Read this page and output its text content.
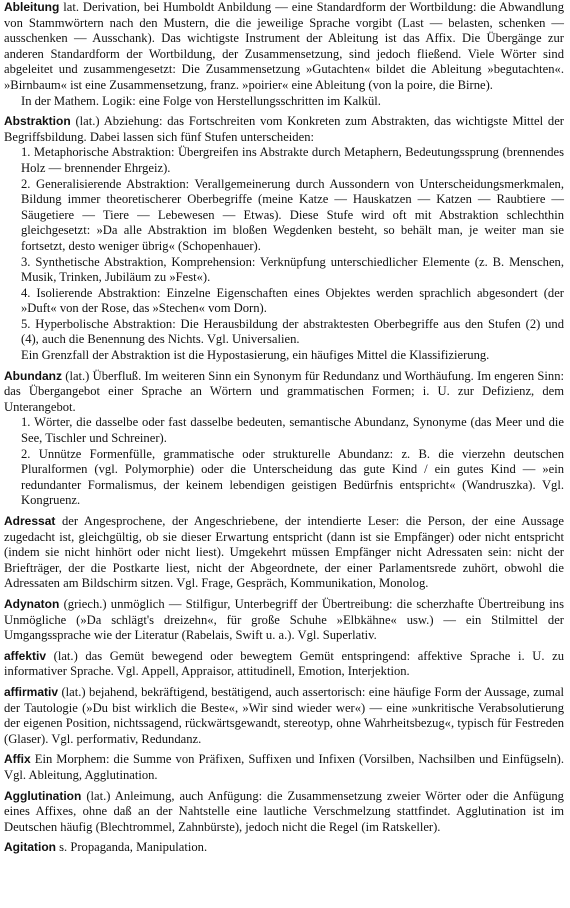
Ableitung lat. Derivation, bei Humboldt Anbildung — eine Standardform der Wortbildung: die Abwandlung von Stammwörtern nach den Mustern, die die jeweilige Sprache vorgibt (Last — belasten, schenken — ausschenken — Ausschank). Das wichtigste Instrument der Ableitung ist das Affix. Die Übergänge zur anderen Standardform der Wortbildung, der Zusammensetzung, sind jedoch fließend. Viele Wörter sind abgeleitet und zusammengesetzt: Die Zusammensetzung »Gutachten« bildet die Ableitung »begutachten«. »Birnbaum« ist eine Zusammensetzung, franz. »poirier« eine Ableitung (von la poire, die Birne).

In der Mathem. Logik: eine Folge von Herstellungsschritten im Kalkül.

Abstraktion (lat.) Abziehung: das Fortschreiten vom Konkreten zum Abstrakten, das wichtigste Mittel der Begriffsbildung. Dabei lassen sich fünf Stufen unterscheiden:

1. Metaphorische Abstraktion: Übergreifen ins Abstrakte durch Metaphern, Bedeutungssprung (brennendes Holz — brennender Ehrgeiz).

2. Generalisierende Abstraktion: Verallgemeinerung durch Aussondern von Unterscheidungsmerkmalen, Bildung immer theoretischerer Oberbegriffe (meine Katze — Hauskatzen — Katzen — Raubtiere — Säugetiere — Tiere — Lebewesen — Etwas). Diese Stufe wird oft mit Abstraktion schlechthin gleichgesetzt: »Da alle Abstraktion im bloßen Wegdenken besteht, so behält man, je weiter man sie fortsetzt, desto weniger übrig« (Schopenhauer).

3. Synthetische Abstraktion, Komprehension: Verknüpfung unterschiedlicher Elemente (z. B. Menschen, Musik, Trinken, Jubiläum zu »Fest«).

4. Isolierende Abstraktion: Einzelne Eigenschaften eines Objektes werden sprachlich abgesondert (der »Duft« von der Rose, das »Stechen« vom Dorn).

5. Hyperbolische Abstraktion: Die Herausbildung der abstraktesten Oberbegriffe aus den Stufen (2) und (4), auch die Benennung des Nichts. Vgl. Universalien.

Ein Grenzfall der Abstraktion ist die Hypostasierung, ein häufiges Mittel die Klassifizierung.

Abundanz (lat.) Überfluß. Im weiteren Sinn ein Synonym für Redundanz und Worthäufung. Im engeren Sinn: das Übergangebot einer Sprache an Wörtern und grammatischen Formen; i. U. zur Defizienz, dem Unterangebot.

1. Wörter, die dasselbe oder fast dasselbe bedeuten, semantische Abundanz, Synonyme (das Meer und die See, Tischler und Schreiner).

2. Unnütze Formenfülle, grammatische oder strukturelle Abundanz: z. B. die vierzehn deutschen Pluralformen (vgl. Polymorphie) oder die Unterscheidung das gute Kind / ein gutes Kind — »ein redundanter Formalismus, der keinem lebendigen geistigen Bedürfnis entspricht« (Wandruszka). Vgl. Kongruenz.

Adressat der Angesprochene, der Angeschriebene, der intendierte Leser: die Person, der eine Aussage zugedacht ist, gleichgültig, ob sie dieser Erwartung entspricht (dann ist sie Empfänger) oder nicht entspricht (indem sie nicht hinhört oder nicht liest). Umgekehrt müssen Empfänger nicht Adressaten sein: nicht der Briefträger, der die Postkarte liest, nicht der Abgeordnete, der einer Parlamentsrede zuhört, obwohl die Adressaten am Bildschirm sitzen. Vgl. Frage, Gespräch, Kommunikation, Monolog.

Adynaton (griech.) unmöglich — Stilfigur, Unterbegriff der Übertreibung: die scherzhafte Übertreibung ins Unmögliche (»Da schlägt's dreizehn«, für große Schuhe »Elbkähne« usw.) — ein Stilmittel der Umgangssprache wie der Literatur (Rabelais, Swift u. a.). Vgl. Superlativ.

affektiv (lat.) das Gemüt bewegend oder bewegtem Gemüt entspringend: affektive Sprache i. U. zu informativer Sprache. Vgl. Appell, Appraisor, attitudinell, Emotion, Interjektion.

affirmativ (lat.) bejahend, bekräftigend, bestätigend, auch assertorisch: eine häufige Form der Aussage, zumal der Tautologie (»Du bist wirklich die Beste«, »Wir sind wieder wer«) — eine »unkritische Verabsolutierung der eigenen Position, nichtssagend, rückwärtsgewandt, stereotyp, ohne Wahrheitsbezug«, typisch für Festreden (Glaser). Vgl. performativ, Redundanz.

Affix Ein Morphem: die Summe von Präfixen, Suffixen und Infixen (Vorsilben, Nachsilben und Einfügseln). Vgl. Ableitung, Agglutination.

Agglutination (lat.) Anleimung, auch Anfügung: die Zusammensetzung zweier Wörter oder die Anfügung eines Affixes, ohne daß an der Nahtstelle eine lautliche Verschmelzung stattfindet. Agglutination ist im Deutschen häufig (Blechtrommel, Zahnbürste), jedoch nicht die Regel (im Ratskeller).

Agitation s. Propaganda, Manipulation.
